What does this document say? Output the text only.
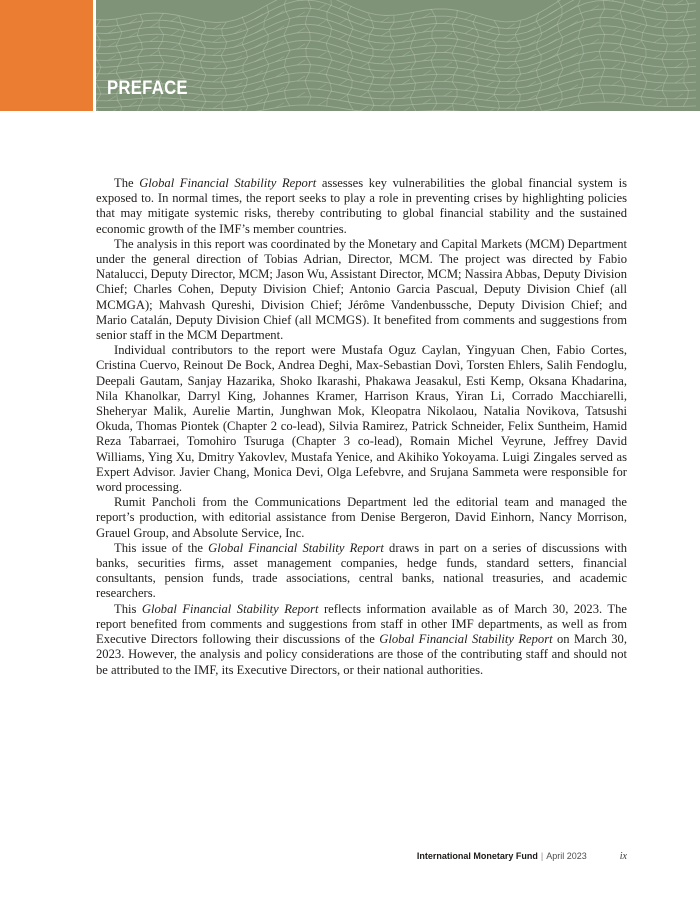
PREFACE

The Global Financial Stability Report assesses key vulnerabilities the global financial system is exposed to. In normal times, the report seeks to play a role in preventing crises by highlighting policies that may mitigate systemic risks, thereby contributing to global financial stability and the sustained economic growth of the IMF’s member countries.

The analysis in this report was coordinated by the Monetary and Capital Markets (MCM) Department under the general direction of Tobias Adrian, Director, MCM. The project was directed by Fabio Natalucci, Deputy Director, MCM; Jason Wu, Assistant Director, MCM; Nassira Abbas, Deputy Division Chief; Charles Cohen, Deputy Division Chief; Antonio Garcia Pascual, Deputy Division Chief (all MCMGA); Mahvash Qureshi, Division Chief; Jérôme Vandenbussche, Deputy Division Chief; and Mario Catalán, Deputy Division Chief (all MCMGS). It benefited from comments and suggestions from senior staff in the MCM Department.

Individual contributors to the report were Mustafa Oguz Caylan, Yingyuan Chen, Fabio Cortes, Cristina Cuervo, Reinout De Bock, Andrea Deghi, Max-Sebastian Dovì, Torsten Ehlers, Salih Fendoglu, Deepali Gautam, Sanjay Hazarika, Shoko Ikarashi, Phakawa Jeasakul, Esti Kemp, Oksana Khadarina, Nila Khanolkar, Darryl King, Johannes Kramer, Harrison Kraus, Yiran Li, Corrado Macchiarelli, Sheheryar Malik, Aurelie Martin, Junghwan Mok, Kleopatra Nikolaou, Natalia Novikova, Tatsushi Okuda, Thomas Piontek (Chapter 2 co-lead), Silvia Ramirez, Patrick Schneider, Felix Suntheim, Hamid Reza Tabarraei, Tomohiro Tsuruga (Chapter 3 co-lead), Romain Michel Veyrune, Jeffrey David Williams, Ying Xu, Dmitry Yakovlev, Mustafa Yenice, and Akihiko Yokoyama. Luigi Zingales served as Expert Advisor. Javier Chang, Monica Devi, Olga Lefebvre, and Srujana Sammeta were responsible for word processing.

Rumit Pancholi from the Communications Department led the editorial team and managed the report’s production, with editorial assistance from Denise Bergeron, David Einhorn, Nancy Morrison, Grauel Group, and Absolute Service, Inc.

This issue of the Global Financial Stability Report draws in part on a series of discussions with banks, securities firms, asset management companies, hedge funds, standard setters, financial consultants, pension funds, trade associations, central banks, national treasuries, and academic researchers.

This Global Financial Stability Report reflects information available as of March 30, 2023. The report benefited from comments and suggestions from staff in other IMF departments, as well as from Executive Directors following their discussions of the Global Financial Stability Report on March 30, 2023. However, the analysis and policy considerations are those of the contributing staff and should not be attributed to the IMF, its Executive Directors, or their national authorities.

International Monetary Fund | April 2023	ix
